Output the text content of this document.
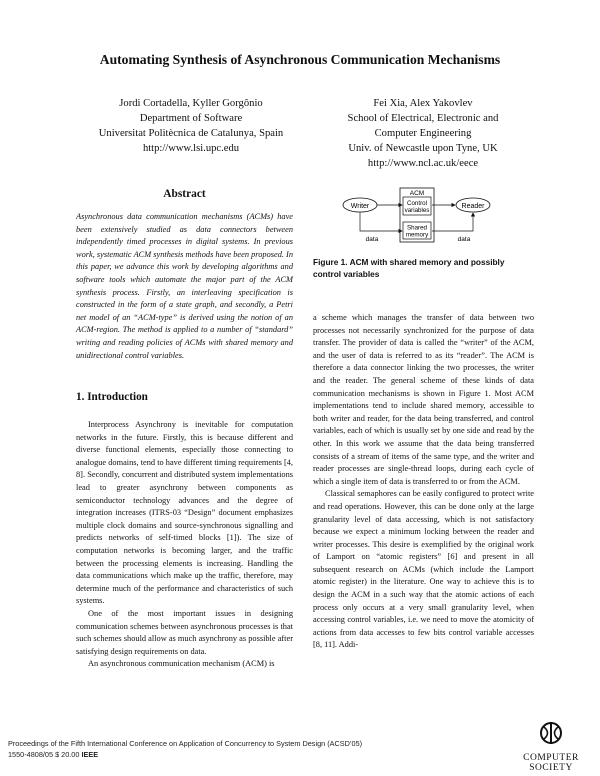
Automating Synthesis of Asynchronous Communication Mechanisms
Jordi Cortadella, Kyller Gorgônio
Department of Software
Universitat Politècnica de Catalunya, Spain
http://www.lsi.upc.edu
Fei Xia, Alex Yakovlev
School of Electrical, Electronic and
Computer Engineering
Univ. of Newcastle upon Tyne, UK
http://www.ncl.ac.uk/eece
Abstract
Asynchronous data communication mechanisms (ACMs) have been extensively studied as data connectors between independently timed processes in digital systems. In previous work, systematic ACM synthesis methods have been proposed. In this paper, we advance this work by developing algorithms and software tools which automate the major part of the ACM synthesis process. Firstly, an interleaving specification is constructed in the form of a state graph, and secondly, a Petri net model of an “ACM-type” is derived using the notion of an ACM-region. The method is applied to a number of “standard” writing and reading policies of ACMs with shared memory and unidirectional control variables.
1. Introduction

Interprocess Asynchrony is inevitable for computation networks in the future. Firstly, this is because different and diverse functional elements, especially those connecting to analogue domains, tend to have different timing requirements [4, 8]. Secondly, concurrent and distributed system implementations lead to greater asynchrony between components as semiconductor technology advances and the degree of integration increases (ITRS-03 “Design” document emphasizes multiple clock domains and source-synchronous signalling and predicts networks of self-timed blocks [1]). The size of computation networks is becoming larger, and the traffic between the processing elements is increasing. Handling the data communications which make up the traffic, therefore, may determine much of the performance and characteristics of such systems.

One of the most important issues in designing communication schemes between asynchronous processes is that such schemes should allow as much asynchrony as possible after satisfying design requirements on data.

An asynchronous communication mechanism (ACM) is

Writer	Reader
ACM
Control
variables
Shared
memory
data	data
Figure 1. ACM with shared memory and possibly control variables

a scheme which manages the transfer of data between two processes not necessarily synchronized for the purpose of data transfer. The provider of data is called the “writer” of the ACM, and the user of data is referred to as its “reader”. The ACM is therefore a data connector linking the two processes, the writer and the reader. The general scheme of these kinds of data communication mechanisms is shown in Figure 1. Most ACM implementations tend to include shared memory, accessible to both writer and reader, for the data being transferred, and control variables, each of which is usually set by one side and read by the other. In this work we assume that the data being transferred consists of a stream of items of the same type, and the writer and reader processes are single-thread loops, during each cycle of which a single item of data is transferred to or from the ACM.

Classical semaphores can be easily configured to protect write and read operations. However, this can be done only at the large granularity level of data accessing, which is not satisfactory because we expect a minimum locking between the reader and writer processes. This desire is exemplified by the original work of Lamport on “atomic registers” [6] and present in all subsequent research on ACMs (which include the Lamport atomic register) in the literature. One way to achieve this is to design the ACM in a such way that the atomic actions of each process only occurs at a very small granularity level, when accessing control variables, i.e. we need to move the atomicity of actions from data accesses to few bits control variable accesses [8, 11]. Addi-

Proceedings of the Fifth International Conference on Application of Concurrency to System Design (ACSD’05)
1550-4808/05 $ 20.00 IEEE	COMPUTER
SOCIETY
